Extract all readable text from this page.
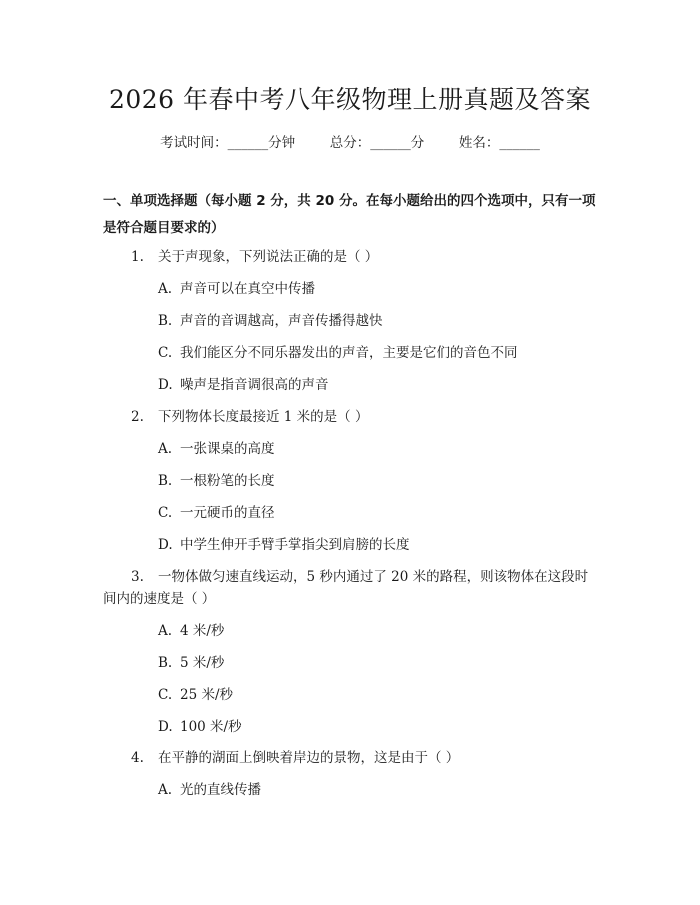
2026 年春中考八年级物理上册真题及答案
考试时间：______分钟	总分：______分	姓名：______
一、单项选择题（每小题 2 分，共 20 分。在每小题给出的四个选项中，只有一项是符合题目要求的）
1. 关于声现象，下列说法正确的是（ ）
A. 声音可以在真空中传播
B. 声音的音调越高，声音传播得越快
C. 我们能区分不同乐器发出的声音，主要是它们的音色不同
D. 噪声是指音调很高的声音
2. 下列物体长度最接近 1 米的是（ ）
A. 一张课桌的高度
B. 一根粉笔的长度
C. 一元硬币的直径
D. 中学生伸开手臂手掌指尖到肩膀的长度
3. 一物体做匀速直线运动，5 秒内通过了 20 米的路程，则该物体在这段时
间内的速度是（ ）
A. 4 米/秒
B. 5 米/秒
C. 25 米/秒
D. 100 米/秒
4. 在平静的湖面上倒映着岸边的景物，这是由于（ ）
A. 光的直线传播
